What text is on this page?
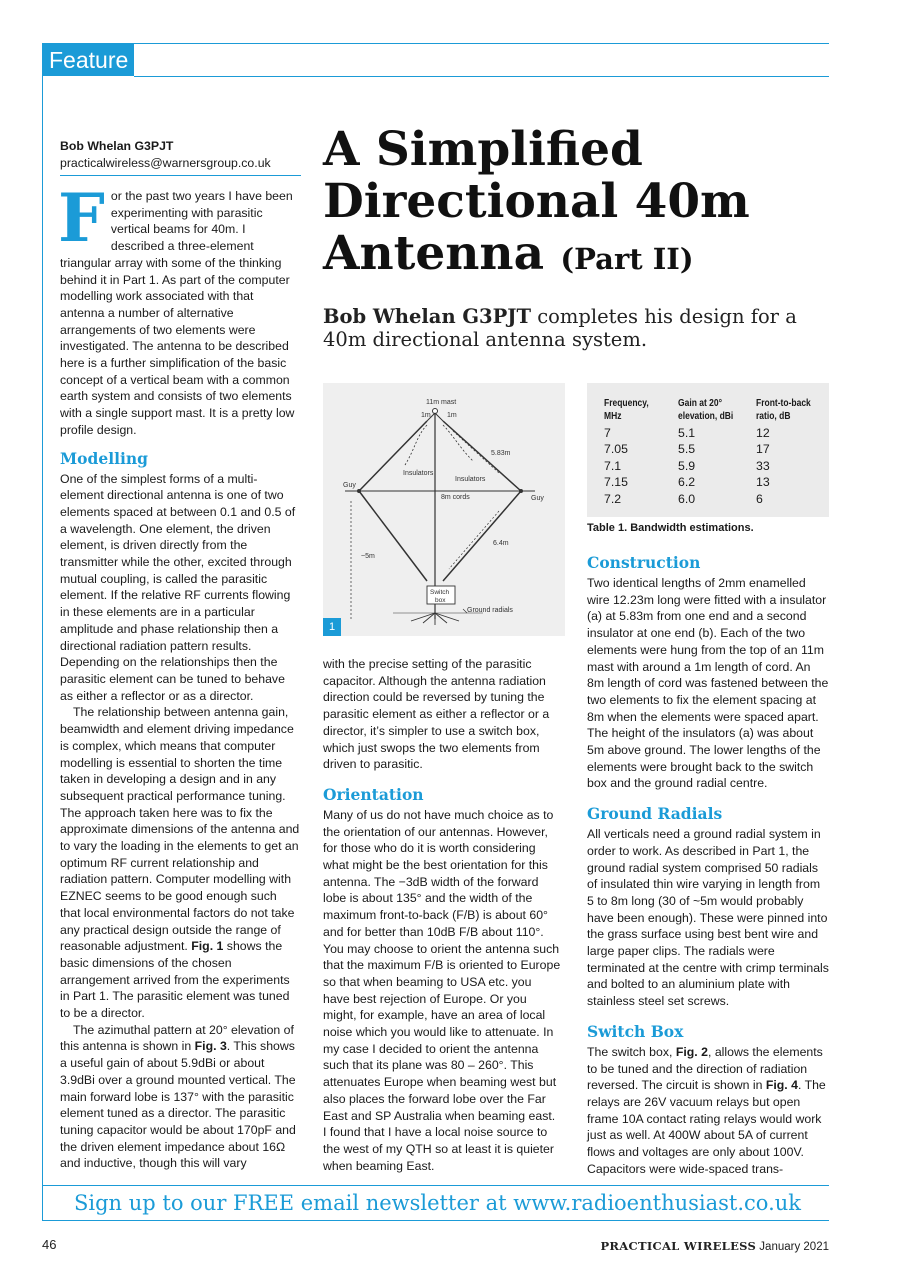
Feature
Bob Whelan G3PJT
practicalwireless@warnersgroup.co.uk	A Simplified Directional 40m Antenna (Part II)
Bob Whelan G3PJT completes his design for a 40m directional antenna system.

For the past two years I have been experimenting with parasitic vertical beams for 40m. I described a three-element triangular array with some of the thinking behind it in Part 1. As part of the computer modelling work associated with that antenna a number of alternative arrangements of two elements were investigated. The antenna to be described here is a further simplification of the basic concept of a vertical beam with a common earth system and consists of two elements with a single support mast. It is a pretty low profile design.

Modelling

One of the simplest forms of a multi-element directional antenna is one of two elements spaced at between 0.1 and 0.5 of a wavelength. One element, the driven element, is driven directly from the transmitter while the other, excited through mutual coupling, is called the parasitic element. If the relative RF currents flowing in these elements are in a particular amplitude and phase relationship then a directional radiation pattern results. Depending on the relationships then the parasitic element can be tuned to behave as either a reflector or as a director.

The relationship between antenna gain, beamwidth and element driving impedance is complex, which means that computer modelling is essential to shorten the time taken in developing a design and in any subsequent practical performance tuning. The approach taken here was to fix the approximate dimensions of the antenna and to vary the loading in the elements to get an optimum RF current relationship and radiation pattern. Computer modelling with EZNEC seems to be good enough such that local environmental factors do not take any practical design outside the range of reasonable adjustment. Fig. 1 shows the basic dimensions of the chosen arrangement arrived from the experiments in Part 1. The parasitic element was tuned to be a director.

The azimuthal pattern at 20° elevation of this antenna is shown in Fig. 3. This shows a useful gain of about 5.9dBi or about 3.9dBi over a ground mounted vertical. The main forward lobe is 137° with the parasitic element tuned as a director. The parasitic tuning capacitor would be about 170pF and the driven element impedance about 16Ω and inductive, though this will vary

11m mast
1m 1m
5.83m
Insulators
Insulators
Guy
Guy
8m cords
6.4m
~5m
Switch
box
Ground radials
1
Frequency, MHz	Gain at 20° elevation, dBi	Front-to-back ratio, dB
7	5.1	12
7.05	5.5	17
7.1	5.9	33
7.15	6.2	13
7.2	6.0	6
Table 1. Bandwidth estimations.

with the precise setting of the parasitic capacitor. Although the antenna radiation direction could be reversed by tuning the parasitic element as either a reflector or a director, it’s simpler to use a switch box, which just swops the two elements from driven to parasitic.

Orientation

Many of us do not have much choice as to the orientation of our antennas. However, for those who do it is worth considering what might be the best orientation for this antenna. The −3dB width of the forward lobe is about 135° and the width of the maximum front-to-back (F/B) is about 60° and for better than 10dB F/B about 110°. You may choose to orient the antenna such that the maximum F/B is oriented to Europe so that when beaming to USA etc. you have best rejection of Europe. Or you might, for example, have an area of local noise which you would like to attenuate. In my case I decided to orient the antenna such that its plane was 80 – 260°. This attenuates Europe when beaming west but also places the forward lobe over the Far East and SP Australia when beaming east. I found that I have a local noise source to the west of my QTH so at least it is quieter when beaming East.

Construction

Two identical lengths of 2mm enamelled wire 12.23m long were fitted with a insulator (a) at 5.83m from one end and a second insulator at one end (b). Each of the two elements were hung from the top of an 11m mast with around a 1m length of cord. An 8m length of cord was fastened between the two elements to fix the element spacing at 8m when the elements were spaced apart. The height of the insulators (a) was about 5m above ground. The lower lengths of the elements were brought back to the switch box and the ground radial centre.

Ground Radials

All verticals need a ground radial system in order to work. As described in Part 1, the ground radial system comprised 50 radials of insulated thin wire varying in length from 5 to 8m long (30 of ~5m would probably have been enough). These were pinned into the grass surface using best bent wire and large paper clips. The radials were terminated at the centre with crimp terminals and bolted to an aluminium plate with stainless steel set screws.

Switch Box

The switch box, Fig. 2, allows the elements to be tuned and the direction of radiation reversed. The circuit is shown in Fig. 4. The relays are 26V vacuum relays but open frame 10A contact rating relays would work just as well. At 400W about 5A of current flows and voltages are only about 100V. Capacitors were wide-spaced trans-

Sign up to our FREE email newsletter at www.radioenthusiast.co.uk
46	PRACTICAL WIRELESS January 2021
